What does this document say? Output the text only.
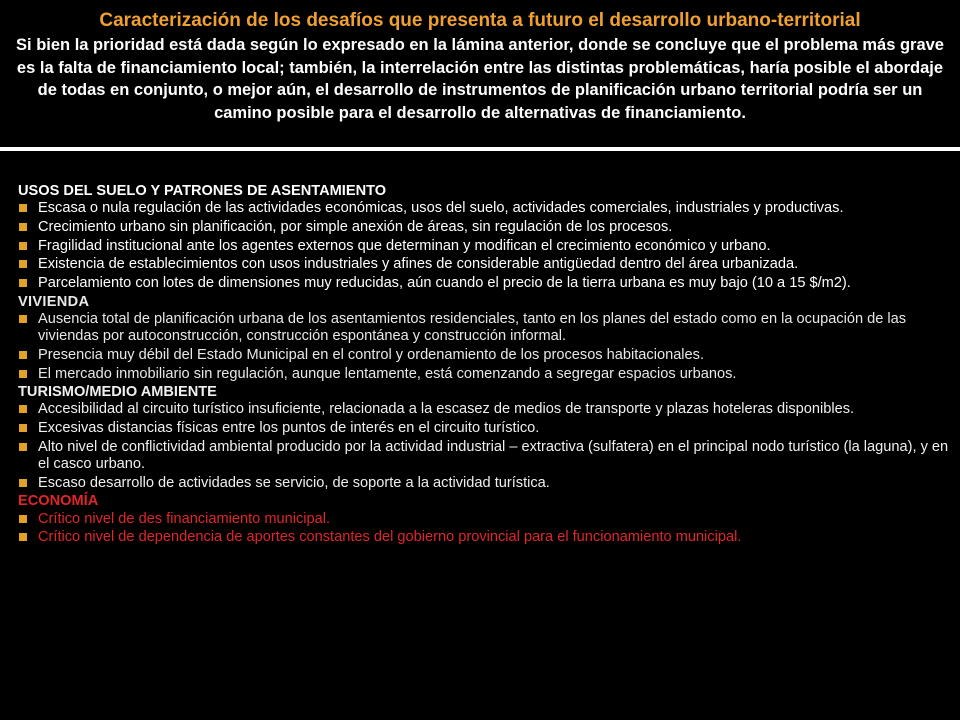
Caracterización de los desafíos que presenta a futuro el desarrollo urbano-territorial
Si bien la prioridad está dada según lo expresado en la lámina anterior, donde se concluye que el problema más grave es la falta de financiamiento local; también, la interrelación entre las distintas problemáticas, haría posible el abordaje de todas en conjunto, o mejor aún, el desarrollo de instrumentos de planificación urbano territorial podría ser un camino posible para el desarrollo de alternativas de financiamiento.
USOS DEL SUELO Y PATRONES DE ASENTAMIENTO
Escasa o nula regulación de las actividades económicas, usos del suelo, actividades comerciales, industriales y productivas.
Crecimiento urbano sin planificación, por simple anexión de áreas, sin regulación de los procesos.
Fragilidad institucional ante los agentes externos que determinan y modifican el crecimiento económico y urbano.
Existencia de establecimientos con usos industriales y afines de considerable antigüedad dentro del área urbanizada.
Parcelamiento con lotes de dimensiones muy reducidas, aún cuando el precio de la tierra urbana es muy bajo (10 a 15 $/m2).
VIVIENDA
Ausencia total de planificación urbana de los asentamientos residenciales, tanto en los planes del estado como en la ocupación de las viviendas por autoconstrucción, construcción espontánea y construcción informal.
Presencia muy débil del Estado Municipal en el control y ordenamiento de los procesos habitacionales.
El mercado inmobiliario sin regulación, aunque lentamente, está comenzando a segregar espacios urbanos.
TURISMO/MEDIO AMBIENTE
Accesibilidad al circuito turístico insuficiente, relacionada a la escasez de medios de transporte y plazas hoteleras disponibles.
Excesivas distancias físicas entre los puntos de interés en el circuito turístico.
Alto nivel de conflictividad ambiental producido por la actividad industrial – extractiva (sulfatera) en el principal nodo turístico (la laguna), y en el casco urbano.
Escaso desarrollo de actividades se servicio, de soporte a la actividad turística.
ECONOMÍA
Crítico nivel de des financiamiento municipal.
Crítico nivel de dependencia de aportes constantes del gobierno provincial para el funcionamiento municipal.
